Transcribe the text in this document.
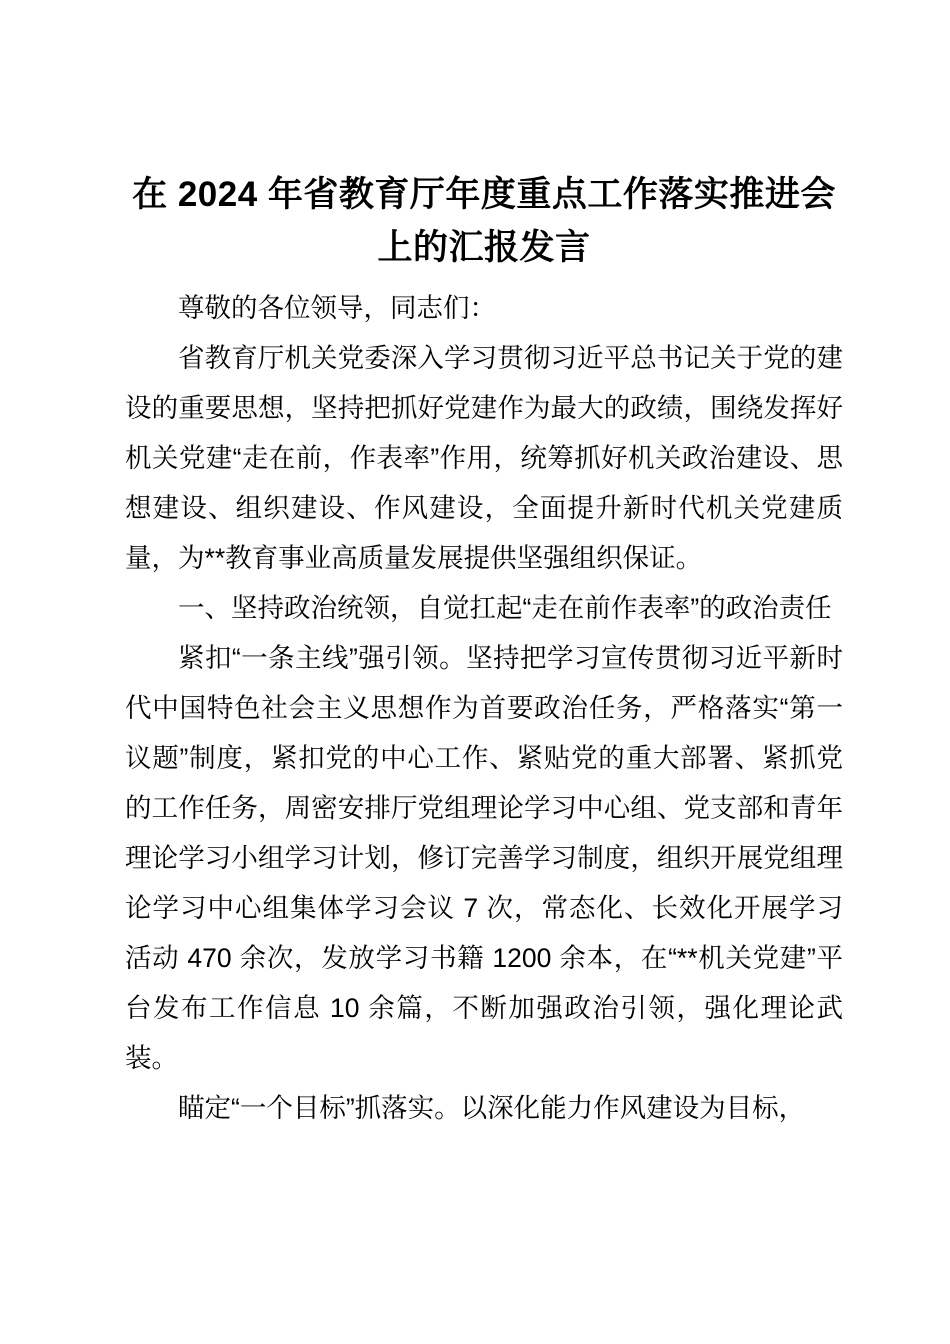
在 2024 年省教育厅年度重点工作落实推进会上的汇报发言

尊敬的各位领导，同志们：

省教育厅机关党委深入学习贯彻习近平总书记关于党的建设的重要思想，坚持把抓好党建作为最大的政绩，围绕发挥好机关党建“走在前，作表率”作用，统筹抓好机关政治建设、思想建设、组织建设、作风建设，全面提升新时代机关党建质量，为**教育事业高质量发展提供坚强组织保证。

一、坚持政治统领，自觉扛起“走在前作表率”的政治责任

紧扣“一条主线”强引领。坚持把学习宣传贯彻习近平新时代中国特色社会主义思想作为首要政治任务，严格落实“第一议题”制度，紧扣党的中心工作、紧贴党的重大部署、紧抓党的工作任务，周密安排厅党组理论学习中心组、党支部和青年理论学习小组学习计划，修订完善学习制度，组织开展党组理论学习中心组集体学习会议 7 次，常态化、长效化开展学习活动 470 余次，发放学习书籍 1200 余本，在“**机关党建”平台发布工作信息 10 余篇，不断加强政治引领，强化理论武装。

瞄定“一个目标”抓落实。以深化能力作风建设为目标，
